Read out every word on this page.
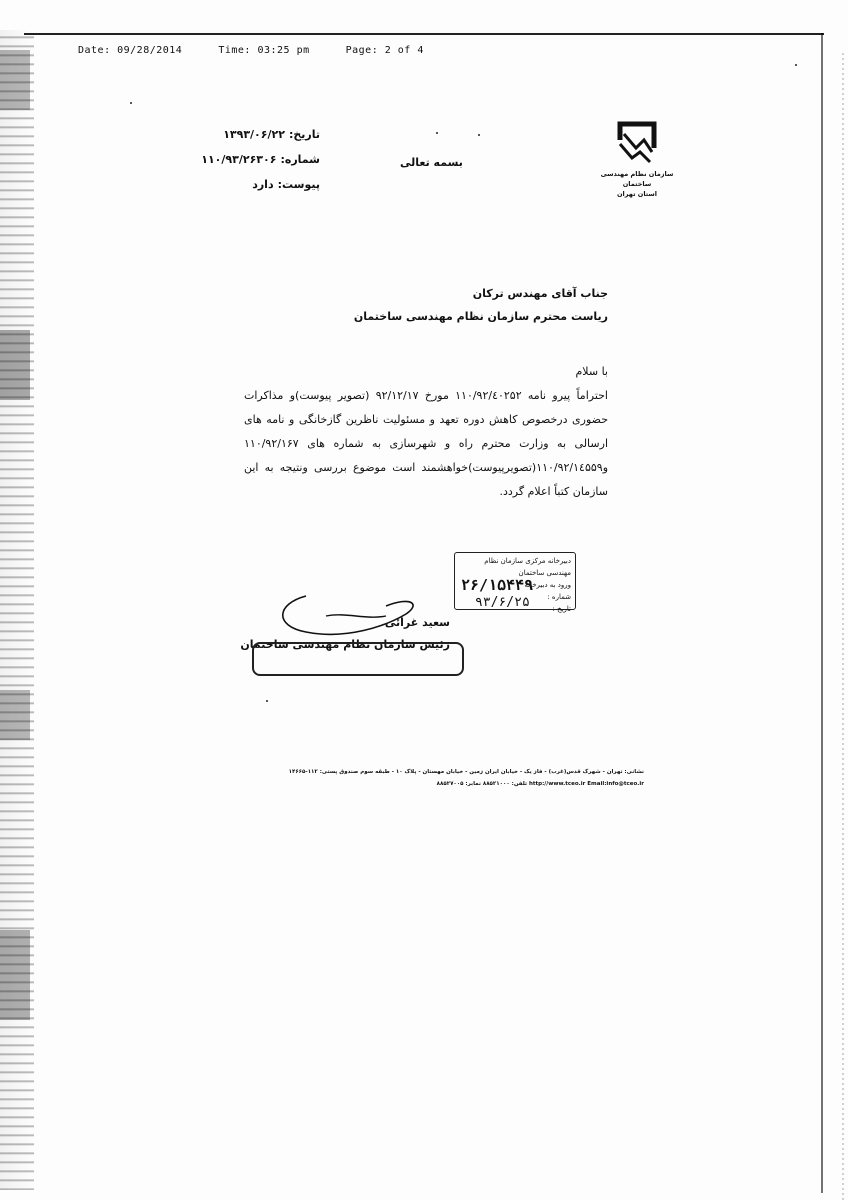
Date: 09/28/2014	Time: 03:25 pm	Page: 2 of 4
سازمان نظام مهندسی ساختمان
استان تهران
بسمه تعالی
تاریخ:
۱۳۹۳/۰۶/۲۲
شماره:
۱۱۰/۹۳/۲۶۳۰۶
پیوست:
دارد
جناب آقای مهندس ترکان
ریاست محترم سازمان نظام مهندسی ساختمان
با سلام
احتراماً پیرو نامه ۱۱۰/۹۲/٤٠۲۵۲ مورخ ۹۲/۱۲/۱۷ (تصویر پیوست)و مذاکرات حضوری درخصوص کاهش دوره تعهد و مسئولیت ناظرین گازخانگی و نامه های ارسالی به وزارت محترم راه و شهرسازی به شماره های ۱۱۰/۹۲/۱۶۷ و۱۱۰/۹۲/۱٤۵۵۹(تصویرپیوست)خواهشمند است موضوع بررسی ونتیجه به این سازمان کتباً اعلام گردد.
دبیرخانه مرکزی سازمان نظام مهندسی ساختمان
ورود به دبیرخانه
شماره :
تاریخ :
۲۶/۱۵۴۴۹
۹۳/۶/۲۵
سعید غرائی
رئیس سازمان نظام مهندسی ساختمان
نشانی: تهران - شهرک قدس(غرب) - فاز یک - خیابان ایران زمین - خیابان مهستان - پلاک ۱۰ - طبقه سوم صندوق پستی: ۱۱۲-۱۴۶۶۵
http://www.tceo.ir Email:info@tceo.ir تلفن: ۸۸۵۲۱۰۰۰ نمابر: ۸۸۵۲۷۰۰۵
